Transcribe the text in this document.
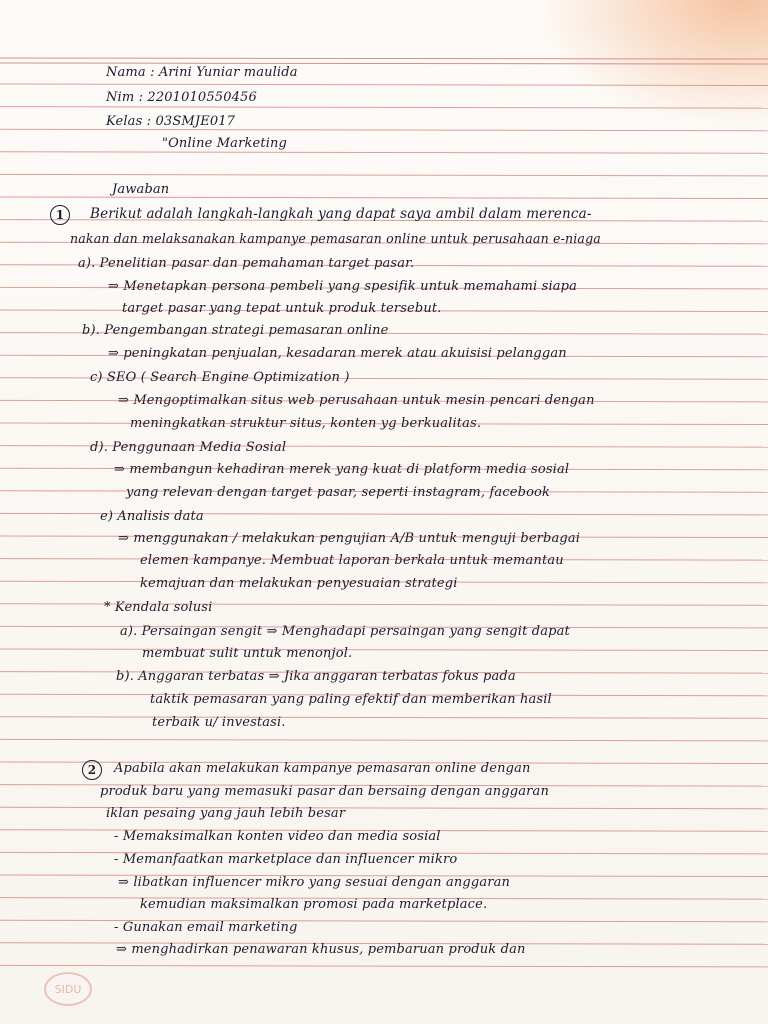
Nama : Arini Yuniar maulida
Nim : 2201010550456
Kelas : 03SMJE017
"Online Marketing
Jawaban
1	Berikut adalah langkah-langkah yang dapat saya ambil dalam merenca-
nakan dan melaksanakan kampanye pemasaran online untuk perusahaan e-niaga
a). Penelitian pasar dan pemahaman target pasar.
⇒ Menetapkan persona pembeli yang spesifik untuk memahami siapa
target pasar yang tepat untuk produk tersebut.
b). Pengembangan strategi pemasaran online
⇒ peningkatan penjualan, kesadaran merek atau akuisisi pelanggan
c) SEO ( Search Engine Optimization )
⇒ Mengoptimalkan situs web perusahaan untuk mesin pencari dengan
meningkatkan struktur situs, konten yg berkualitas.
d). Penggunaan Media Sosial
⇒ membangun kehadiran merek yang kuat di platform media sosial
yang relevan dengan target pasar, seperti instagram, facebook
e) Analisis data
⇒ menggunakan / melakukan pengujian A/B untuk menguji berbagai
elemen kampanye. Membuat laporan berkala untuk memantau
kemajuan dan melakukan penyesuaian strategi
* Kendala solusi
a). Persaingan sengit ⇒ Menghadapi persaingan yang sengit dapat
membuat sulit untuk menonjol.
b). Anggaran terbatas ⇒ Jika anggaran terbatas fokus pada
taktik pemasaran yang paling efektif dan memberikan hasil
terbaik u/ investasi.
2	Apabila akan melakukan kampanye pemasaran online dengan
produk baru yang memasuki pasar dan bersaing dengan anggaran
iklan pesaing yang jauh lebih besar
- Memaksimalkan konten video dan media sosial
- Memanfaatkan marketplace dan influencer mikro
⇒ libatkan influencer mikro yang sesuai dengan anggaran
kemudian maksimalkan promosi pada marketplace.
- Gunakan email marketing
⇒ menghadirkan penawaran khusus, pembaruan produk dan
SIDU
